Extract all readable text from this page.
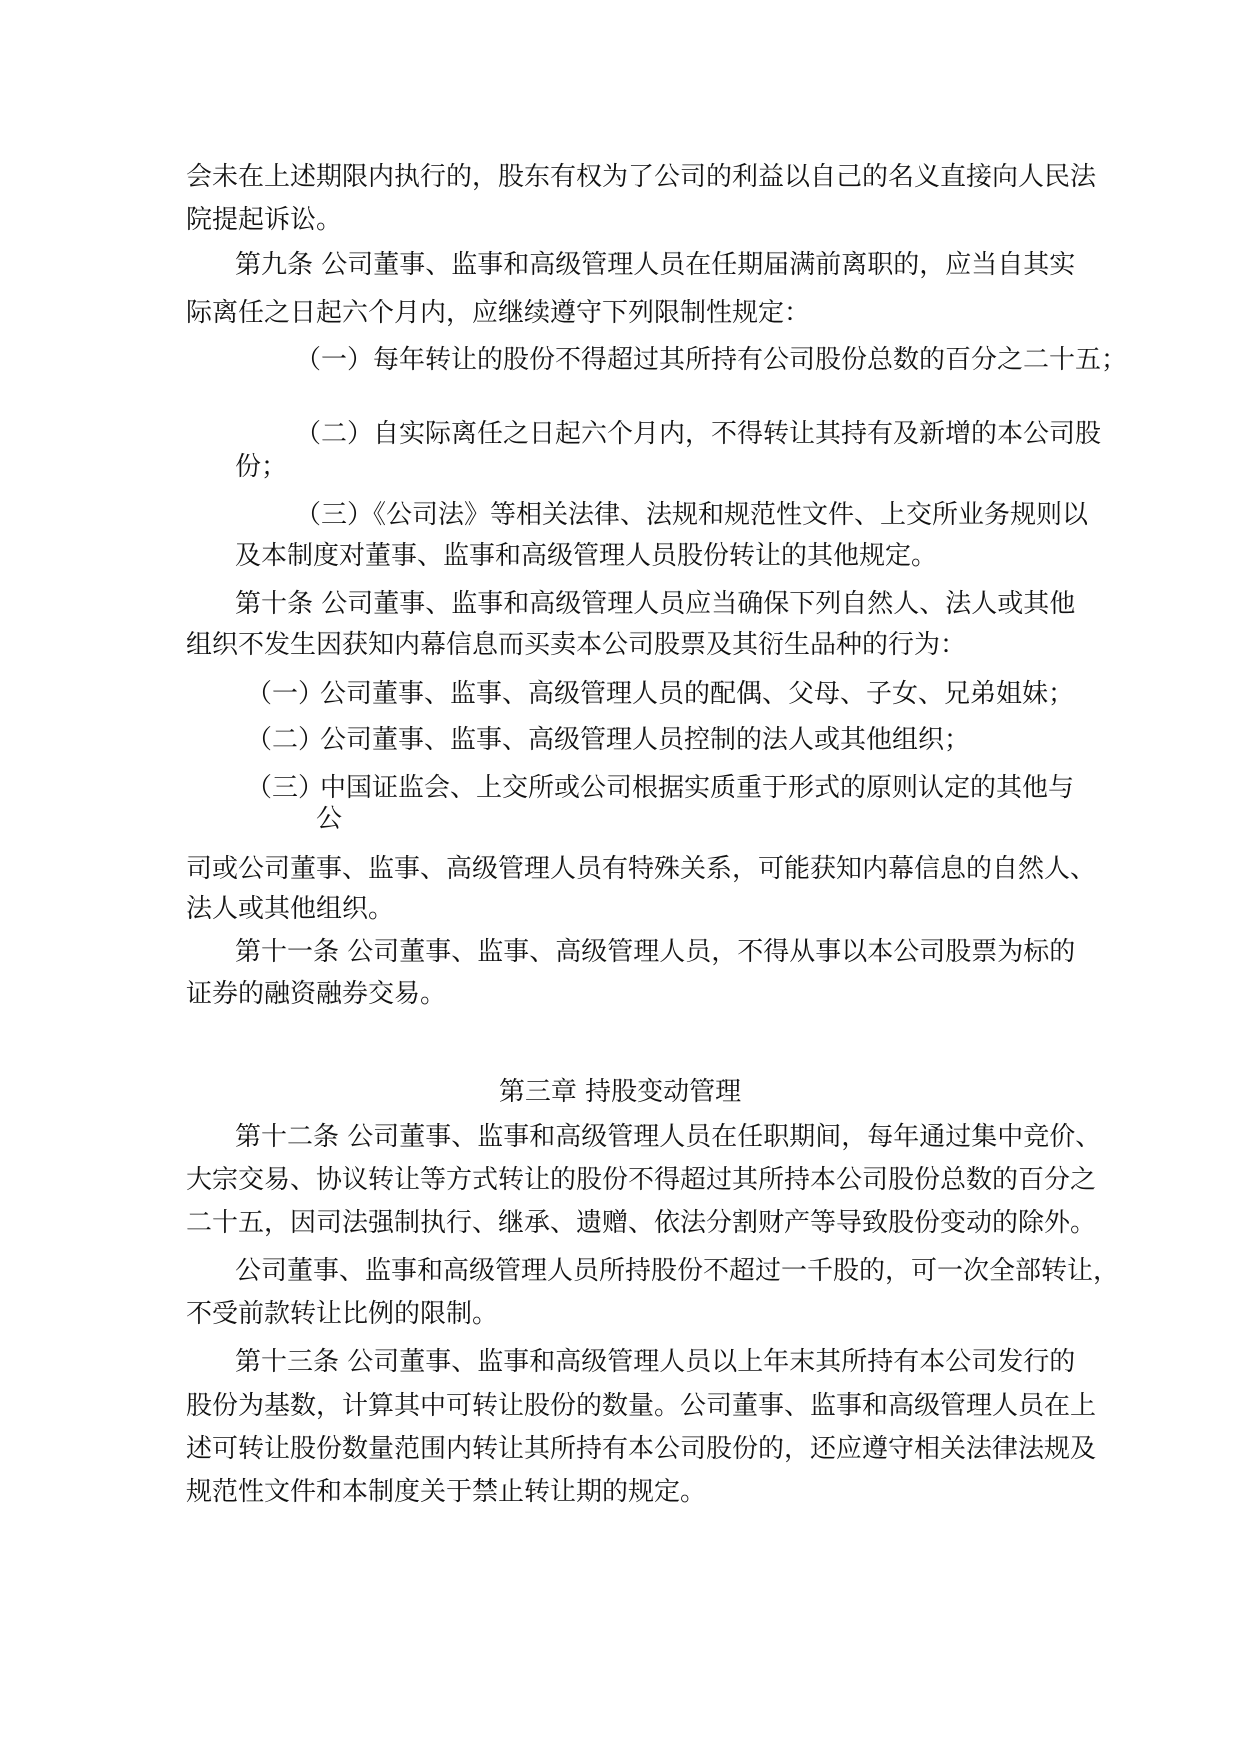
会未在上述期限内执行的，股东有权为了公司的利益以自己的名义直接向人民法
院提起诉讼。
第九条 公司董事、监事和高级管理人员在任期届满前离职的，应当自其实
际离任之日起六个月内，应继续遵守下列限制性规定：
（一）每年转让的股份不得超过其所持有公司股份总数的百分之二十五；
（二）自实际离任之日起六个月内，不得转让其持有及新增的本公司股
份；
（三）《公司法》等相关法律、法规和规范性文件、上交所业务规则以
及本制度对董事、监事和高级管理人员股份转让的其他规定。
第十条 公司董事、监事和高级管理人员应当确保下列自然人、法人或其他
组织不发生因获知内幕信息而买卖本公司股票及其衍生品种的行为：
（一）
公司董事、监事、高级管理人员的配偶、父母、子女、兄弟姐妹；
（二）
公司董事、监事、高级管理人员控制的法人或其他组织；
（三）
中国证监会、上交所或公司根据实质重于形式的原则认定的其他与
公
司或公司董事、监事、高级管理人员有特殊关系，可能获知内幕信息的自然人、
法人或其他组织。
第十一条 公司董事、监事、高级管理人员，不得从事以本公司股票为标的
证券的融资融券交易。
第三章 持股变动管理
第十二条 公司董事、监事和高级管理人员在任职期间，每年通过集中竞价、
大宗交易、协议转让等方式转让的股份不得超过其所持本公司股份总数的百分之
二十五，因司法强制执行、继承、遗赠、依法分割财产等导致股份变动的除外。
公司董事、监事和高级管理人员所持股份不超过一千股的，可一次全部转让，
不受前款转让比例的限制。
第十三条 公司董事、监事和高级管理人员以上年末其所持有本公司发行的
股份为基数，计算其中可转让股份的数量。公司董事、监事和高级管理人员在上
述可转让股份数量范围内转让其所持有本公司股份的，还应遵守相关法律法规及
规范性文件和本制度关于禁止转让期的规定。
